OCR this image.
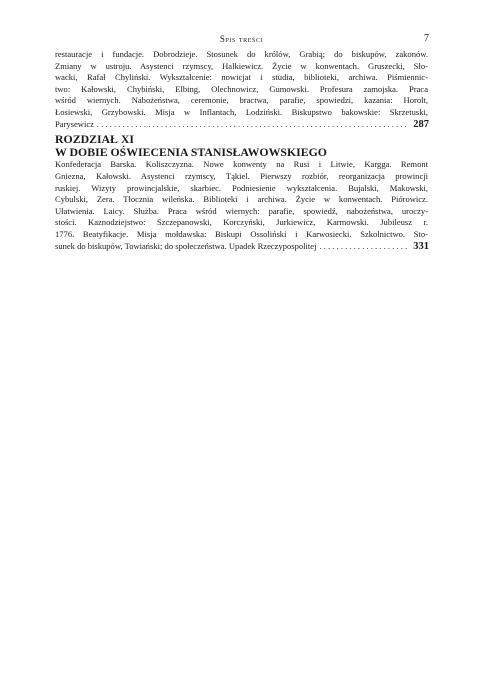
Spis treści	7
restauracje i fundacje. Dobrodzieje. Stosunek do królów, Grabią; do biskupów, zakonów.
Zmiany w ustroju. Asystenci rzymscy, Halkiewicz. Życie w konwentach. Gruszecki, Sło-
wacki, Rafał Chyliński. Wykształcenie: nowicjat i studia, biblioteki, archiwa. Piśmiennic-
two: Kałowski, Chybiński, Elbing, Olechnowicz, Gumowski. Profesura zamojska. Praca
wśród wiernych. Nabożeństwa, ceremonie, bractwa, parafie, spowiedzi, kazania: Horolt,
Łosiewski, Grzybowski. Misja w Inflantach, Lodziński. Biskupstwo bakowskie: Skrzetuski,
Parysewicz . . .	287
ROZDZIAŁ XI
W DOBIE OŚWIECENIA STANISŁAWOWSKIEGO
Konfederacja Barska. Koliszczyzna. Nowe konwenty na Rusi i Litwie, Kargga. Remont
Gniezna, Kałowski. Asystenci rzymscy, Tąkiel. Pierwszy rozbiór, reorganizacja prowincji
ruskiej. Wizyty prowincjalskie, skarbiec. Podniesienie wykształcenia. Bujalski, Makowski,
Cybulski, Zera. Tłocznia wileńska. Biblioteki i archiwa. Życie w konwentach. Piórowicz.
Ułatwienia. Laicy. Służba. Praca wśród wiernych: parafie, spowiedź, nabożeństwa, uroczy-
stości. Kaznodziejstwo: Szczepanowski, Korczyński, Jurkiewicz, Karmowski. Jubileusz r.
1776. Beatyfikacje. Misja mołdawska: Biskupi Ossoliński i Karwosiecki. Szkolnictwo. Sto-
sunek do biskupów, Towiański; do społeczeństwa. Upadek Rzeczypospolitej . . .	331
